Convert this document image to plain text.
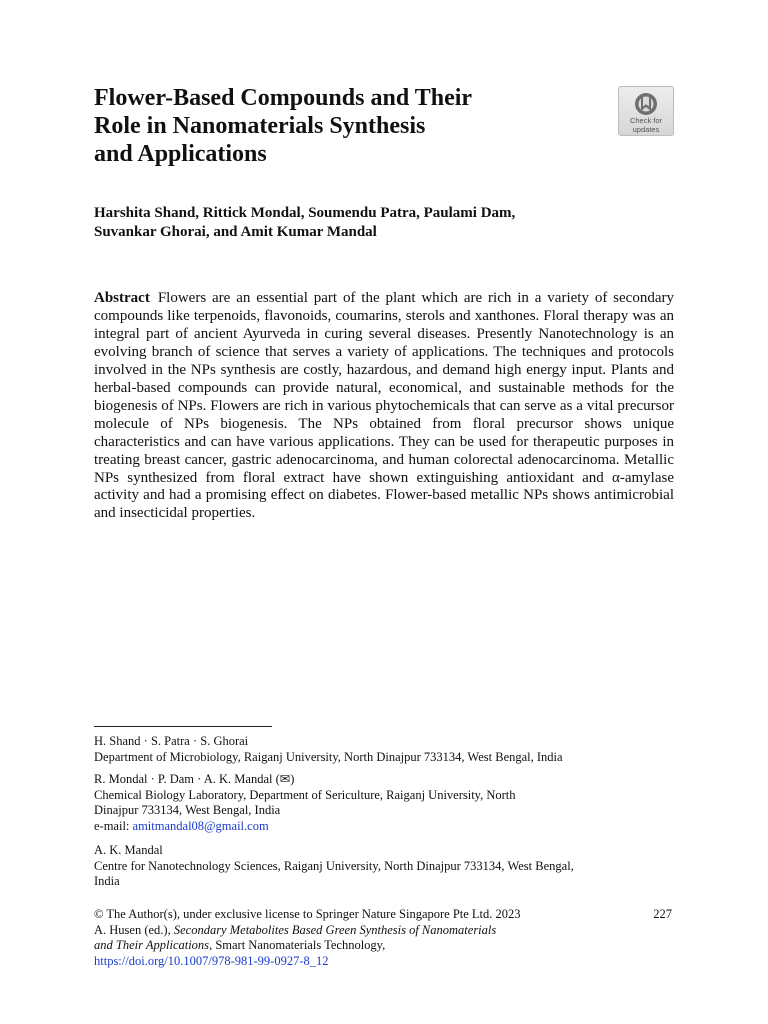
Flower-Based Compounds and Their
Role in Nanomaterials Synthesis
and Applications
Check for
updates

Harshita Shand, Rittick Mondal, Soumendu Patra, Paulami Dam,
Suvankar Ghorai, and Amit Kumar Mandal

Abstract Flowers are an essential part of the plant which are rich in a variety of secondary compounds like terpenoids, flavonoids, coumarins, sterols and xanthones. Floral therapy was an integral part of ancient Ayurveda in curing several diseases. Presently Nanotechnology is an evolving branch of science that serves a variety of applications. The techniques and protocols involved in the NPs synthesis are costly, hazardous, and demand high energy input. Plants and herbal-based compounds can provide natural, economical, and sustainable methods for the biogenesis of NPs. Flowers are rich in various phytochemicals that can serve as a vital precursor molecule of NPs biogenesis. The NPs obtained from floral precursor shows unique characteristics and can have various applications. They can be used for therapeutic purposes in treating breast cancer, gastric adenocarcinoma, and human colorectal adenocarcinoma. Metallic NPs synthesized from floral extract have shown extinguishing antioxidant and α-amylase activity and had a promising effect on diabetes. Flower-based metallic NPs shows antimicrobial and insecticidal properties.

H. Shand · S. Patra · S. Ghorai

Department of Microbiology, Raiganj University, North Dinajpur 733134, West Bengal, India

R. Mondal · P. Dam · A. K. Mandal (✉)

Chemical Biology Laboratory, Department of Sericulture, Raiganj University, North

Dinajpur 733134, West Bengal, India

e-mail: amitmandal08@gmail.com

A. K. Mandal

Centre for Nanotechnology Sciences, Raiganj University, North Dinajpur 733134, West Bengal,

India

© The Author(s), under exclusive license to Springer Nature Singapore Pte Ltd. 2023	227

A. Husen (ed.), Secondary Metabolites Based Green Synthesis of Nanomaterials

and Their Applications, Smart Nanomaterials Technology,

https://doi.org/10.1007/978-981-99-0927-8_12
